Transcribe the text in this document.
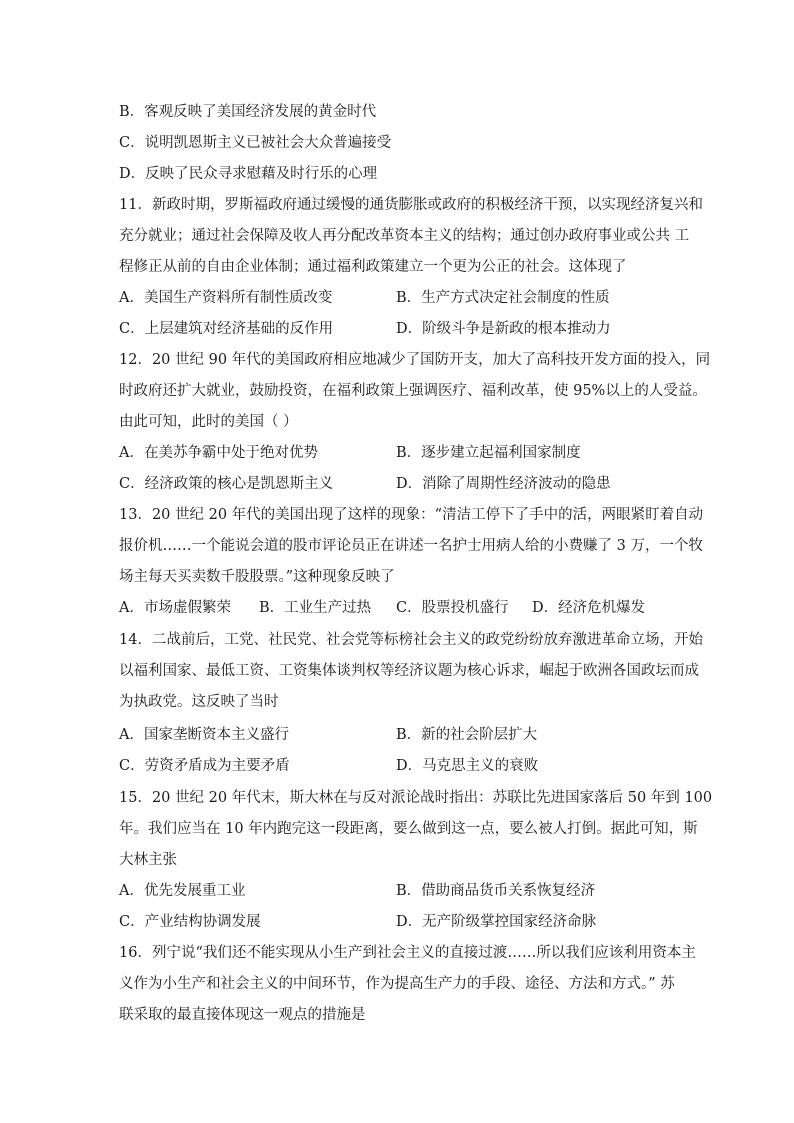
B．客观反映了美国经济发展的黄金时代
C．说明凯恩斯主义已被社会大众普遍接受
D．反映了民众寻求慰藉及时行乐的心理
11．新政时期，罗斯福政府通过缓慢的通货膨胀或政府的积极经济干预，以实现经济复兴和
充分就业；通过社会保障及收人再分配改革资本主义的结构；通过创办政府事业或公共 工
程修正从前的自由企业体制；通过福利政策建立一个更为公正的社会。这体现了
A．美国生产资料所有制性质改变	B．生产方式决定社会制度的性质
C．上层建筑对经济基础的反作用	D．阶级斗争是新政的根本推动力
12．20 世纪 90 年代的美国政府相应地减少了国防开支，加大了高科技开发方面的投入，同
时政府还扩大就业，鼓励投资，在福利政策上强调医疗、福利改革，使 95%以上的人受益。
由此可知，此时的美国（ ）
A．在美苏争霸中处于绝对优势	B．逐步建立起福利国家制度
C．经济政策的核心是凯恩斯主义	D．消除了周期性经济波动的隐患
13．20 世纪 20 年代的美国出现了这样的现象：“清洁工停下了手中的活，两眼紧盯着自动
报价机……一个能说会道的股市评论员正在讲述一名护士用病人给的小费赚了 3 万，一个牧
场主每天买卖数千股股票。”这种现象反映了
A．市场虚假繁荣 B．工业生产过热 C．股票投机盛行 D．经济危机爆发
14．二战前后，工党、社民党、社会党等标榜社会主义的政党纷纷放弃激进革命立场，开始
以福利国家、最低工资、工资集体谈判权等经济议题为核心诉求，崛起于欧洲各国政坛而成
为执政党。这反映了当时
A．国家垄断资本主义盛行	B．新的社会阶层扩大
C．劳资矛盾成为主要矛盾	D．马克思主义的衰败
15．20 世纪 20 年代末，斯大林在与反对派论战时指出：苏联比先进国家落后 50 年到 100
年。我们应当在 10 年内跑完这一段距离，要么做到这一点，要么被人打倒。据此可知，斯
大林主张
A．优先发展重工业	B．借助商品货币关系恢复经济
C．产业结构协调发展	D．无产阶级掌控国家经济命脉
16．列宁说“我们还不能实现从小生产到社会主义的直接过渡……所以我们应该利用资本主
义作为小生产和社会主义的中间环节，作为提高生产力的手段、途径、方法和方式。” 苏
联采取的最直接体现这一观点的措施是
